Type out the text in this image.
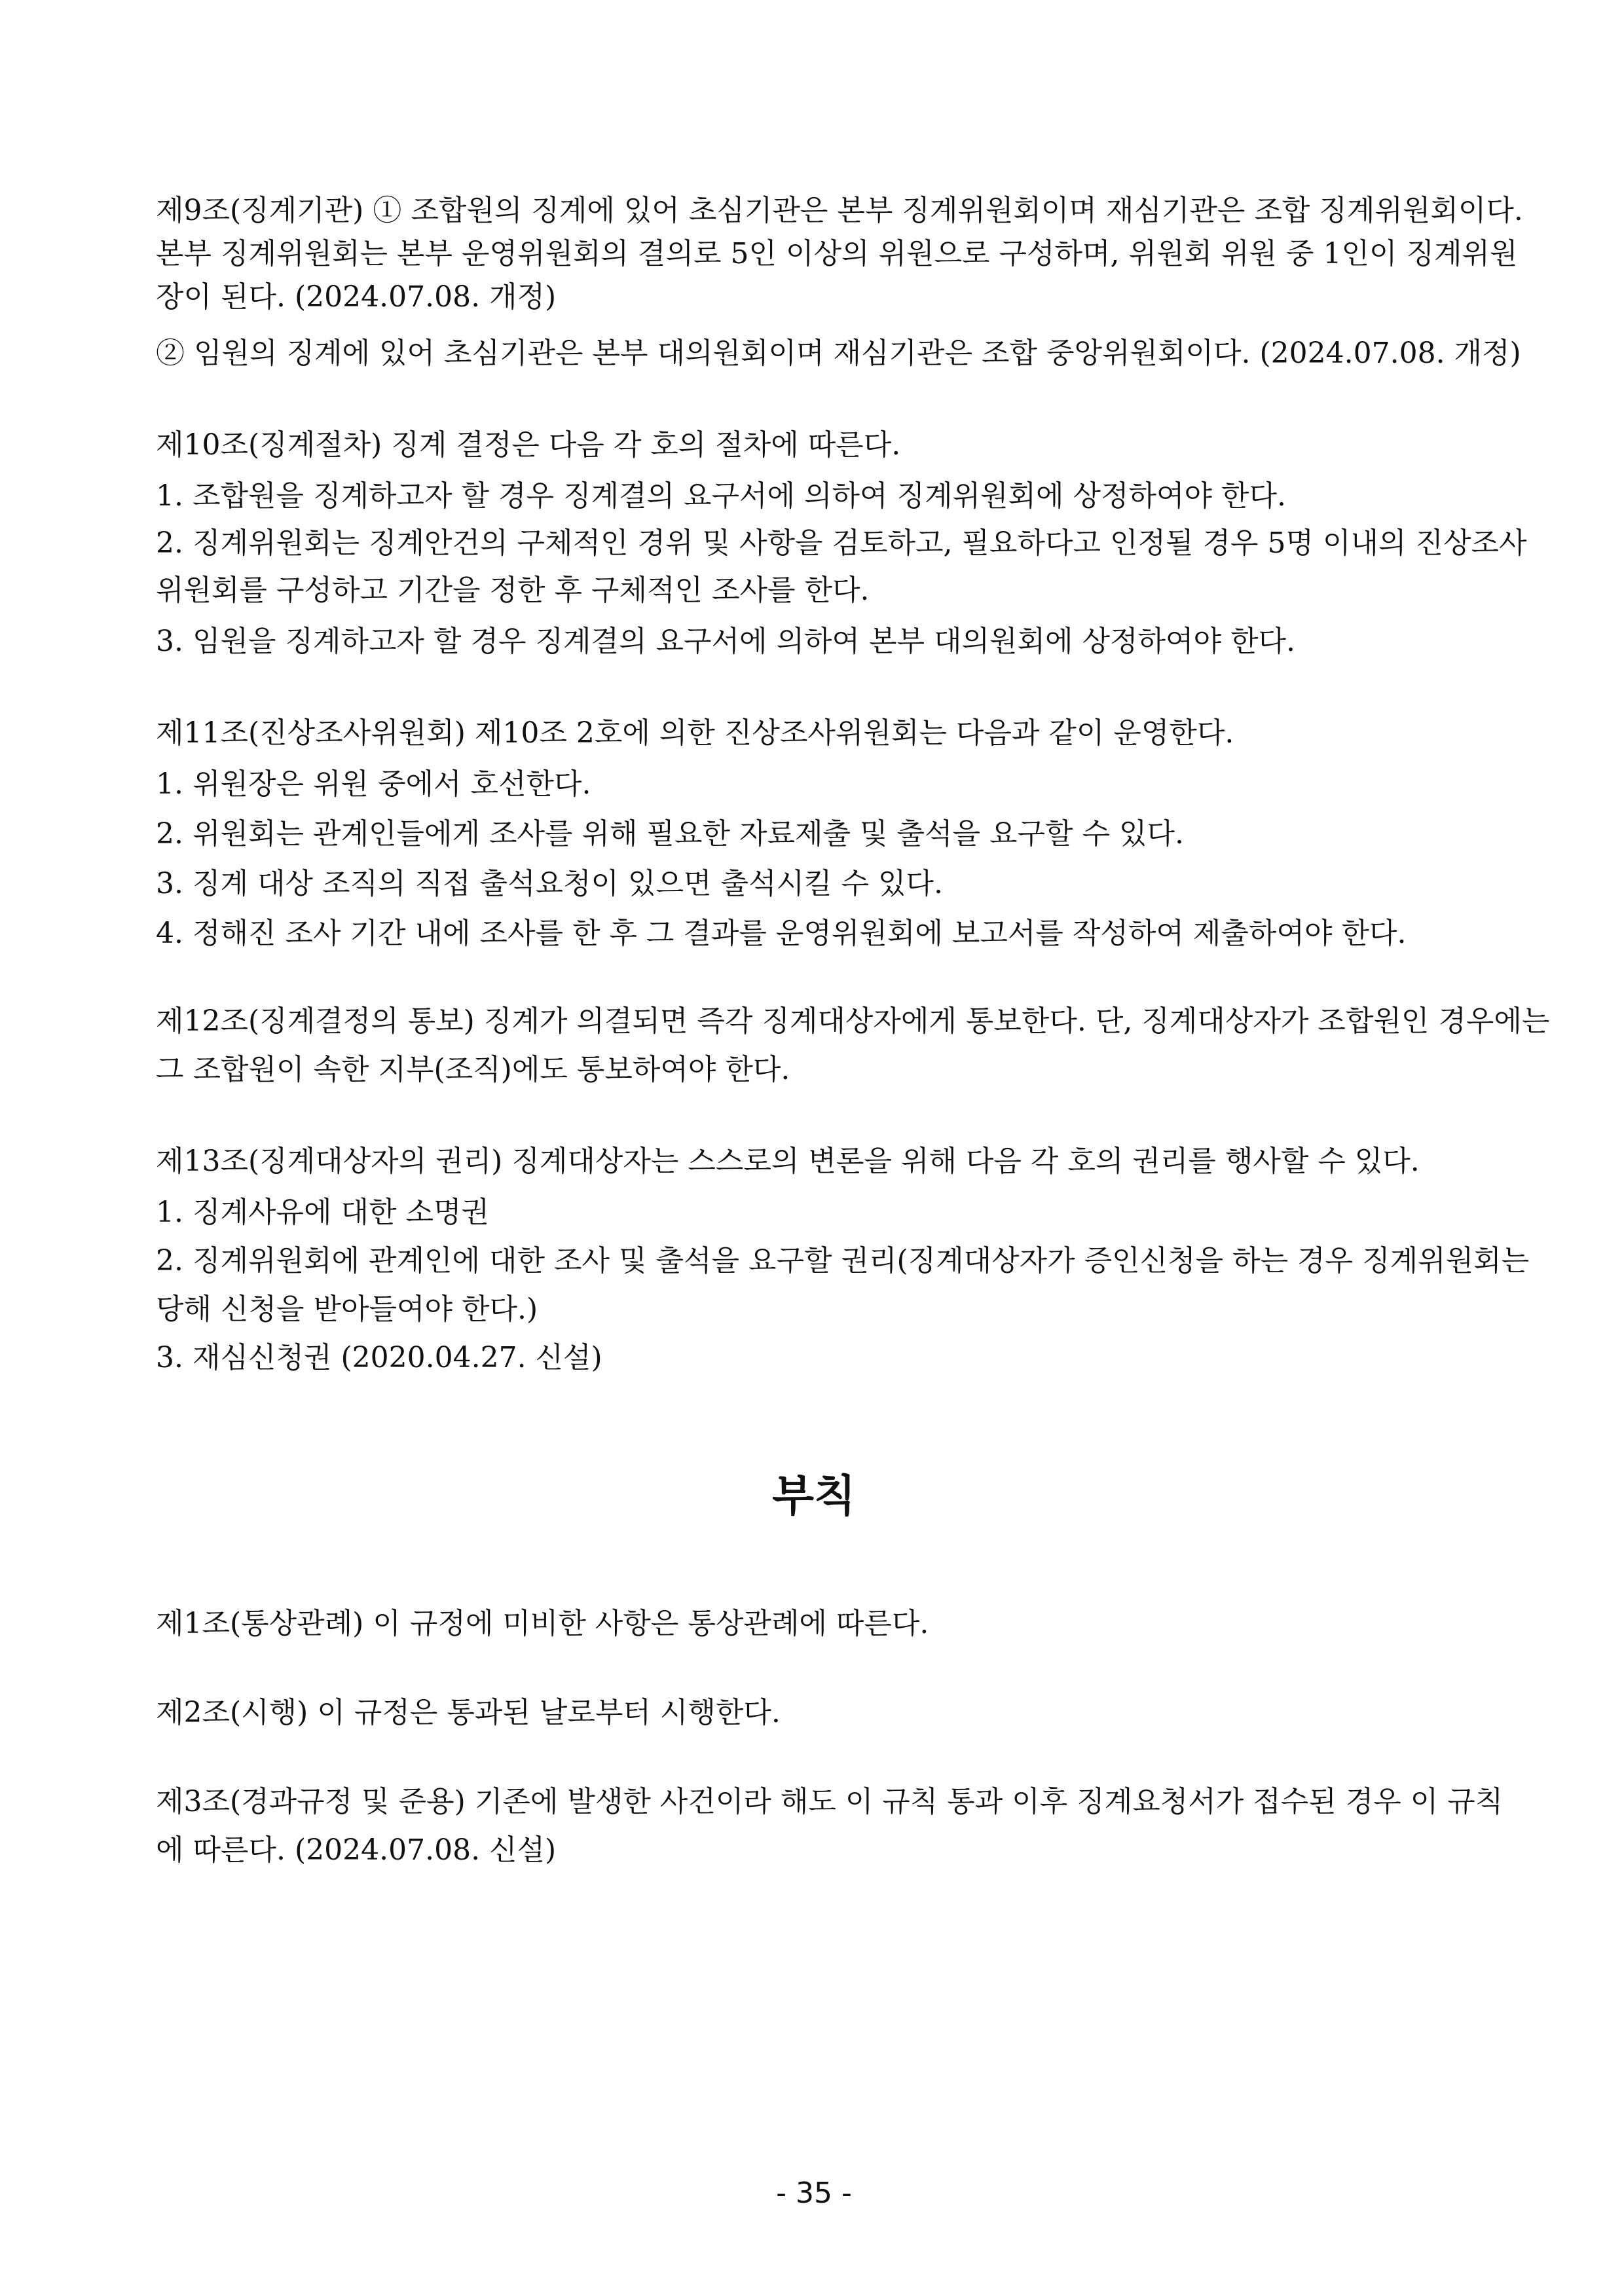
제9조(징계기관) ① 조합원의 징계에 있어 초심기관은 본부 징계위원회이며 재심기관은 조합 징계위원회이다.
본부 징계위원회는 본부 운영위원회의 결의로 5인 이상의 위원으로 구성하며, 위원회 위원 중 1인이 징계위원
장이 된다. (2024.07.08. 개정)
② 임원의 징계에 있어 초심기관은 본부 대의원회이며 재심기관은 조합 중앙위원회이다. (2024.07.08. 개정)
제10조(징계절차) 징계 결정은 다음 각 호의 절차에 따른다.
1. 조합원을 징계하고자 할 경우 징계결의 요구서에 의하여 징계위원회에 상정하여야 한다.
2. 징계위원회는 징계안건의 구체적인 경위 및 사항을 검토하고, 필요하다고 인정될 경우 5명 이내의 진상조사
위원회를 구성하고 기간을 정한 후 구체적인 조사를 한다.
3. 임원을 징계하고자 할 경우 징계결의 요구서에 의하여 본부 대의원회에 상정하여야 한다.
제11조(진상조사위원회) 제10조 2호에 의한 진상조사위원회는 다음과 같이 운영한다.
1. 위원장은 위원 중에서 호선한다.
2. 위원회는 관계인들에게 조사를 위해 필요한 자료제출 및 출석을 요구할 수 있다.
3. 징계 대상 조직의 직접 출석요청이 있으면 출석시킬 수 있다.
4. 정해진 조사 기간 내에 조사를 한 후 그 결과를 운영위원회에 보고서를 작성하여 제출하여야 한다.
제12조(징계결정의 통보) 징계가 의결되면 즉각 징계대상자에게 통보한다. 단, 징계대상자가 조합원인 경우에는
그 조합원이 속한 지부(조직)에도 통보하여야 한다.
제13조(징계대상자의 권리) 징계대상자는 스스로의 변론을 위해 다음 각 호의 권리를 행사할 수 있다.
1. 징계사유에 대한 소명권
2. 징계위원회에 관계인에 대한 조사 및 출석을 요구할 권리(징계대상자가 증인신청을 하는 경우 징계위원회는
당해 신청을 받아들여야 한다.)
3. 재심신청권 (2020.04.27. 신설)
부칙
제1조(통상관례) 이 규정에 미비한 사항은 통상관례에 따른다.
제2조(시행) 이 규정은 통과된 날로부터 시행한다.
제3조(경과규정 및 준용) 기존에 발생한 사건이라 해도 이 규칙 통과 이후 징계요청서가 접수된 경우 이 규칙
에 따른다. (2024.07.08. 신설)
- 35 -
